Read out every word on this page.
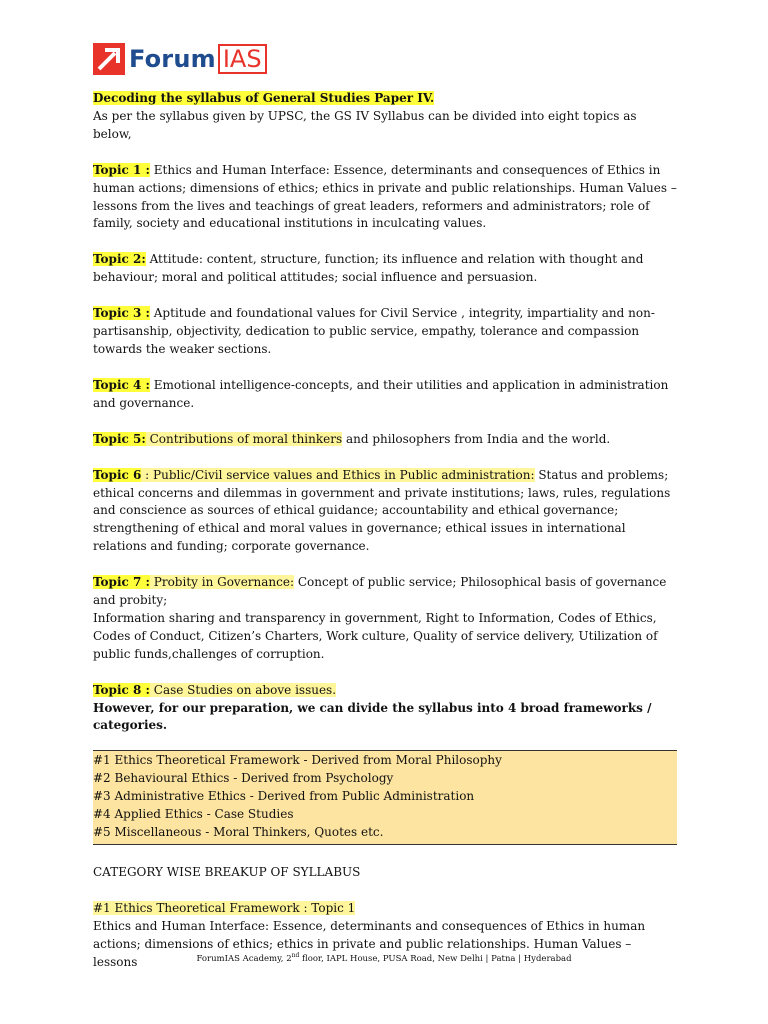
Forum IAS

Decoding the syllabus of General Studies Paper IV.

As per the syllabus given by UPSC, the GS IV Syllabus can be divided into eight topics as below,

Topic 1 : Ethics and Human Interface: Essence, determinants and consequences of Ethics in human actions; dimensions of ethics; ethics in private and public relationships. Human Values – lessons from the lives and teachings of great leaders, reformers and administrators; role of family, society and educational institutions in inculcating values.

Topic 2: Attitude: content, structure, function; its influence and relation with thought and behaviour; moral and political attitudes; social influence and persuasion.

Topic 3 : Aptitude and foundational values for Civil Service , integrity, impartiality and non-partisanship, objectivity, dedication to public service, empathy, tolerance and compassion towards the weaker sections.

Topic 4 : Emotional intelligence-concepts, and their utilities and application in administration and governance.

Topic 5: Contributions of moral thinkers and philosophers from India and the world.

Topic 6 : Public/Civil service values and Ethics in Public administration: Status and problems; ethical concerns and dilemmas in government and private institutions; laws, rules, regulations and conscience as sources of ethical guidance; accountability and ethical governance; strengthening of ethical and moral values in governance; ethical issues in international relations and funding; corporate governance.

Topic 7 : Probity in Governance: Concept of public service; Philosophical basis of governance and probity;

Information sharing and transparency in government, Right to Information, Codes of Ethics, Codes of Conduct, Citizen’s Charters, Work culture, Quality of service delivery, Utilization of public funds,challenges of corruption.

Topic 8 : Case Studies on above issues.

However, for our preparation, we can divide the syllabus into 4 broad frameworks / categories.

#1 Ethics Theoretical Framework - Derived from Moral Philosophy

#2 Behavioural Ethics - Derived from Psychology

#3 Administrative Ethics - Derived from Public Administration

#4 Applied Ethics - Case Studies

#5 Miscellaneous - Moral Thinkers, Quotes etc.

CATEGORY WISE BREAKUP OF SYLLABUS

#1 Ethics Theoretical Framework : Topic 1

Ethics and Human Interface: Essence, determinants and consequences of Ethics in human actions; dimensions of ethics; ethics in private and public relationships. Human Values – lessons	ForumIAS Academy, 2nd floor, IAPL House, PUSA Road, New Delhi | Patna | Hyderabad
